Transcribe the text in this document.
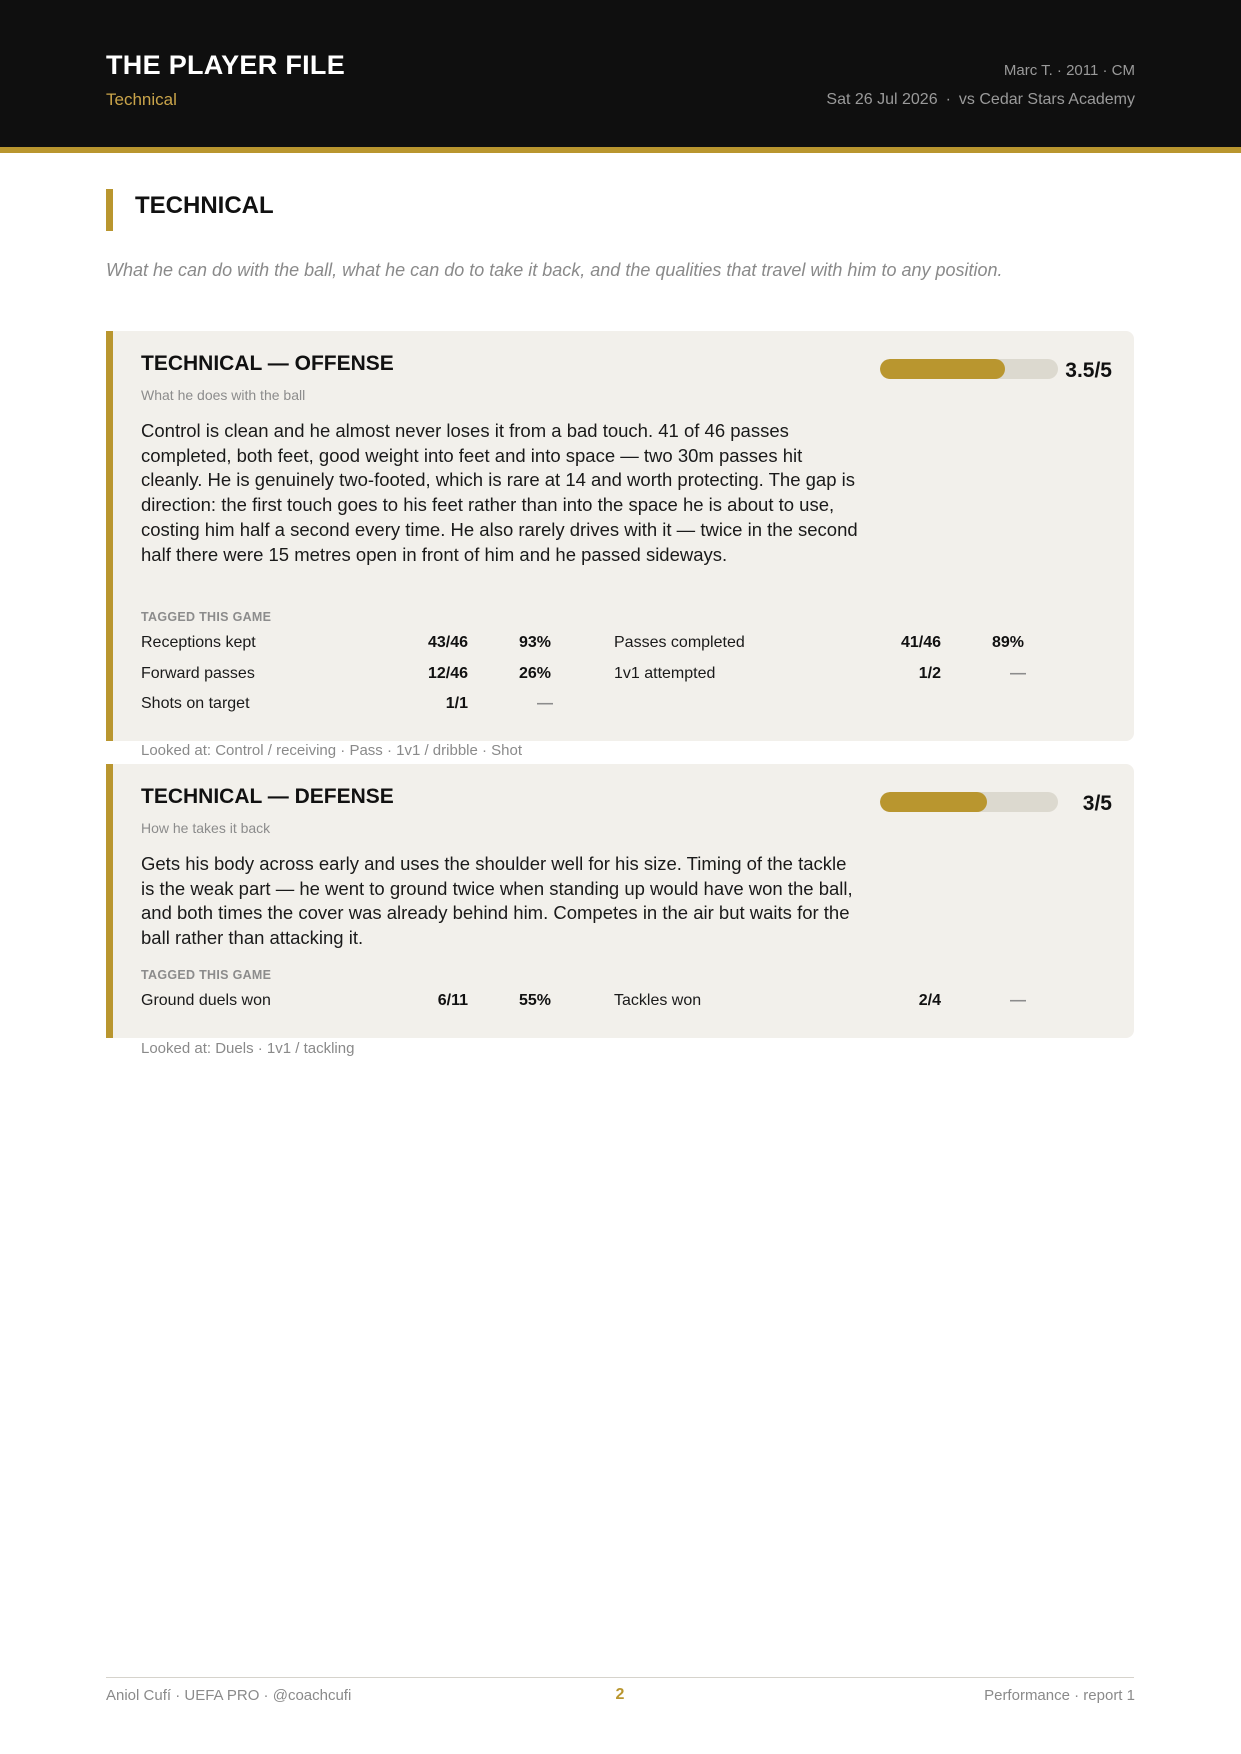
THE PLAYER FILE
Technical
Marc T. · 2011 · CM
Sat 26 Jul 2026 · vs Cedar Stars Academy
TECHNICAL
What he can do with the ball, what he can do to take it back, and the qualities that travel with him to any position.
TECHNICAL — OFFENSE
What he does with the ball
3.5/5
Control is clean and he almost never loses it from a bad touch. 41 of 46 passes completed, both feet, good weight into feet and into space — two 30m passes hit cleanly. He is genuinely two-footed, which is rare at 14 and worth protecting. The gap is direction: the first touch goes to his feet rather than into the space he is about to use, costing him half a second every time. He also rarely drives with it — twice in the second half there were 15 metres open in front of him and he passed sideways.
TAGGED THIS GAME
Receptions kept	43/46	93%	Passes completed	41/46	89%
Forward passes	12/46	26%	1v1 attempted	1/2	—
Shots on target	1/1	—
Looked at: Control / receiving · Pass · 1v1 / dribble · Shot
TECHNICAL — DEFENSE
How he takes it back
3/5
Gets his body across early and uses the shoulder well for his size. Timing of the tackle is the weak part — he went to ground twice when standing up would have won the ball, and both times the cover was already behind him. Competes in the air but waits for the ball rather than attacking it.
TAGGED THIS GAME
Ground duels won	6/11	55%	Tackles won	2/4	—
Looked at: Duels · 1v1 / tackling
Aniol Cufí · UEFA PRO · @coachcufi	2	Performance · report 1
